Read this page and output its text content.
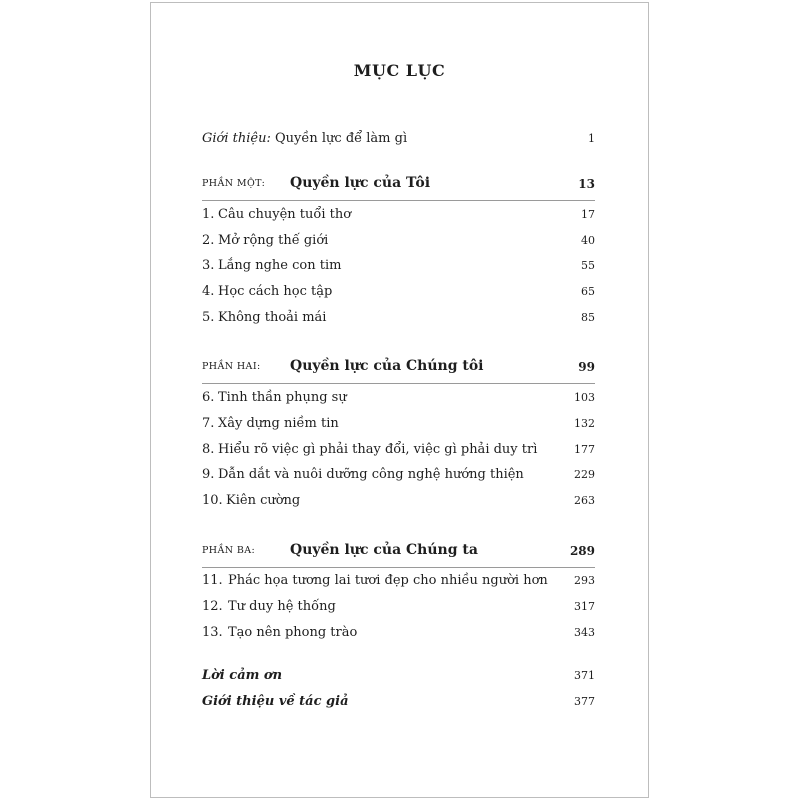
MỤC LỤC
Giới thiệu: Quyền lực để làm gì	1
PHẦN MỘT: Quyền lực của Tôi	13
1. Câu chuyện tuổi thơ	17
2. Mở rộng thế giới	40
3. Lắng nghe con tim	55
4. Học cách học tập	65
5. Không thoải mái	85
PHẦN HAI: Quyền lực của Chúng tôi	99
6. Tinh thần phụng sự	103
7. Xây dựng niềm tin	132
8. Hiểu rõ việc gì phải thay đổi, việc gì phải duy trì	177
9. Dẫn dắt và nuôi dưỡng công nghệ hướng thiện	229
10. Kiên cường	263
PHẦN BA: Quyền lực của Chúng ta	289
11. Phác họa tương lai tươi đẹp cho nhiều người hơn 293
12. Tư duy hệ thống	317
13. Tạo nên phong trào	343
Lời cảm ơn	371
Giới thiệu về tác giả	377
